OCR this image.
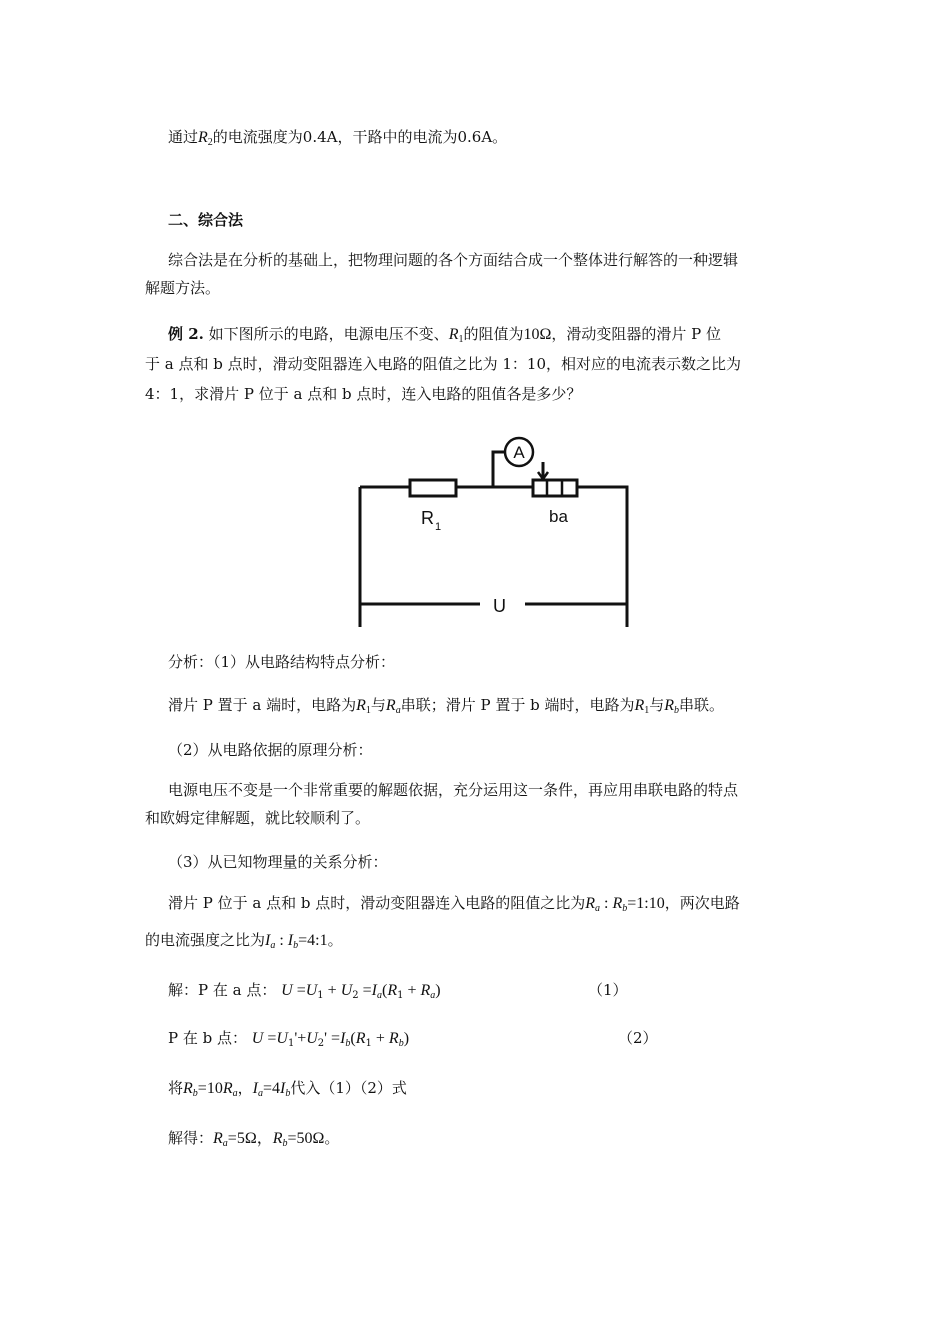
通过$R_2$的电流强度为0.4A，干路中的电流为0.6A。
二、综合法
综合法是在分析的基础上，把物理问题的各个方面结合成一个整体进行解答的一种逻辑
解题方法。
例 2. 如下图所示的电路，电源电压不变、$R_1$的阻值为10Ω，滑动变阻器的滑片 P 位
于 a 点和 b 点时，滑动变阻器连入电路的阻值之比为 1：10，相对应的电流表示数之比为
4：1，求滑片 P 位于 a 点和 b 点时，连入电路的阻值各是多少？
A
R 1
ba
U
分析：（1）从电路结构特点分析：
滑片 P 置于 a 端时，电路为$R_1$与$R_a$串联；滑片 P 置于 b 端时，电路为$R_1$与$R_b$串联。
（2）从电路依据的原理分析：
电源电压不变是一个非常重要的解题依据，充分运用这一条件，再应用串联电路的特点
和欧姆定律解题，就比较顺利了。
（3）从已知物理量的关系分析：
滑片 P 位于 a 点和 b 点时，滑动变阻器连入电路的阻值之比为$R_a$ : $R_b=1:10$，两次电路
的电流强度之比为$I_a$ : $I_b=4:1$。
解：P 在 a 点： $U =U_1 + U_2 =I_a(R_1 + R_a)$	（1）
P 在 b 点： $U =U_1'+U_2' =I_b(R_1 + R_b)$	（2）
将$R_b=10R_a$，$I_a=4I_b$代入（1）（2）式
解得：$R_a=5\Omega$，$R_b=50\Omega$。
